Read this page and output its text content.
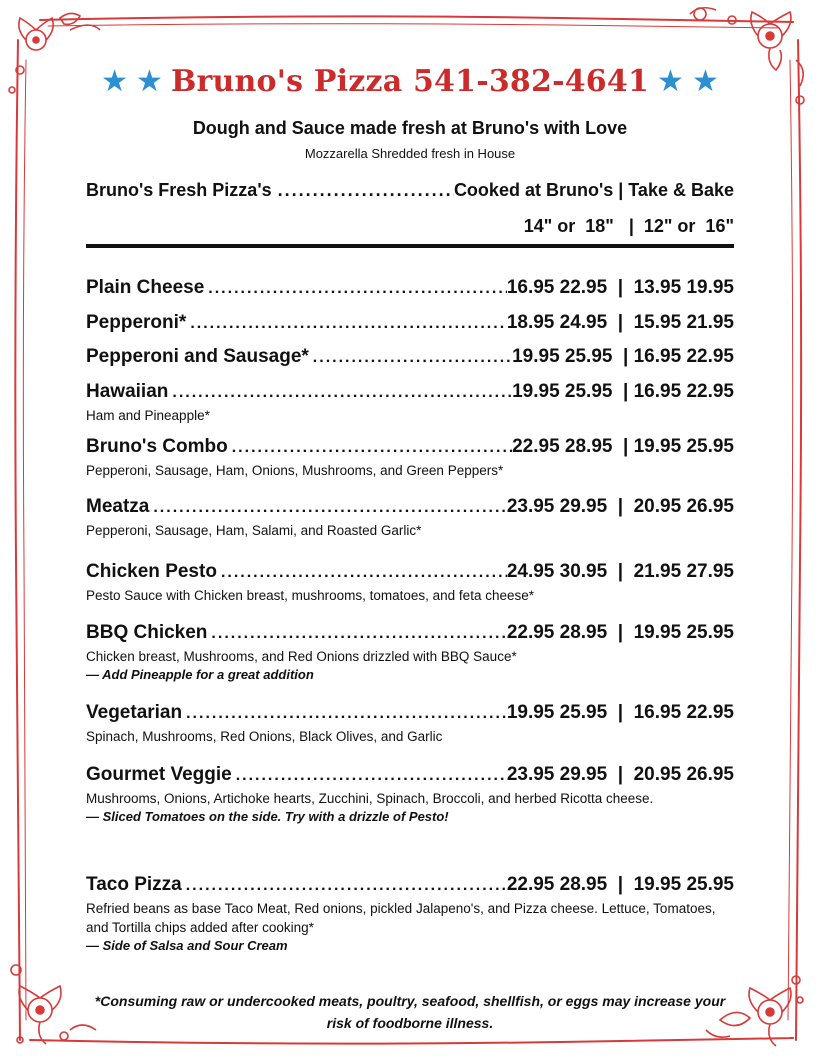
★ ★ Bruno's Pizza 541-382-4641 ★ ★
Dough and Sauce made fresh at Bruno's with Love
Mozzarella Shredded fresh in House
Bruno's Fresh Pizza's .....	Cooked at Bruno's | Take & Bake
14" or  18"   |  12" or  16"
Plain Cheese .....	16.95 22.95  |  13.95 19.95
Pepperoni* .....	18.95 24.95  |  15.95 21.95
Pepperoni and Sausage* .....	19.95 25.95  | 16.95 22.95
Hawaiian .....	19.95 25.95  | 16.95 22.95
Ham and Pineapple*
Bruno's Combo .....	22.95 28.95  | 19.95 25.95
Pepperoni, Sausage, Ham, Onions, Mushrooms, and Green Peppers*
Meatza .....	23.95 29.95  |  20.95 26.95
Pepperoni, Sausage, Ham, Salami, and Roasted Garlic*
Chicken Pesto .....	24.95 30.95  |  21.95 27.95
Pesto Sauce with Chicken breast, mushrooms, tomatoes, and feta cheese*
BBQ Chicken .....	22.95 28.95  |  19.95 25.95
Chicken breast, Mushrooms, and Red Onions drizzled with BBQ Sauce*
— Add Pineapple for a great addition
Vegetarian .....	19.95 25.95  |  16.95 22.95
Spinach, Mushrooms, Red Onions, Black Olives, and Garlic
Gourmet Veggie .....	23.95 29.95  |  20.95 26.95
Mushrooms, Onions, Artichoke hearts, Zucchini, Spinach, Broccoli, and herbed Ricotta cheese.
— Sliced Tomatoes on the side. Try with a drizzle of Pesto!
Taco Pizza .....	22.95 28.95  |  19.95 25.95
Refried beans as base Taco Meat, Red onions, pickled Jalapeno's, and Pizza cheese. Lettuce, Tomatoes, and Tortilla chips added after cooking*
— Side of Salsa and Sour Cream
*Consuming raw or undercooked meats, poultry, seafood, shellfish, or eggs may increase your risk of foodborne illness.
